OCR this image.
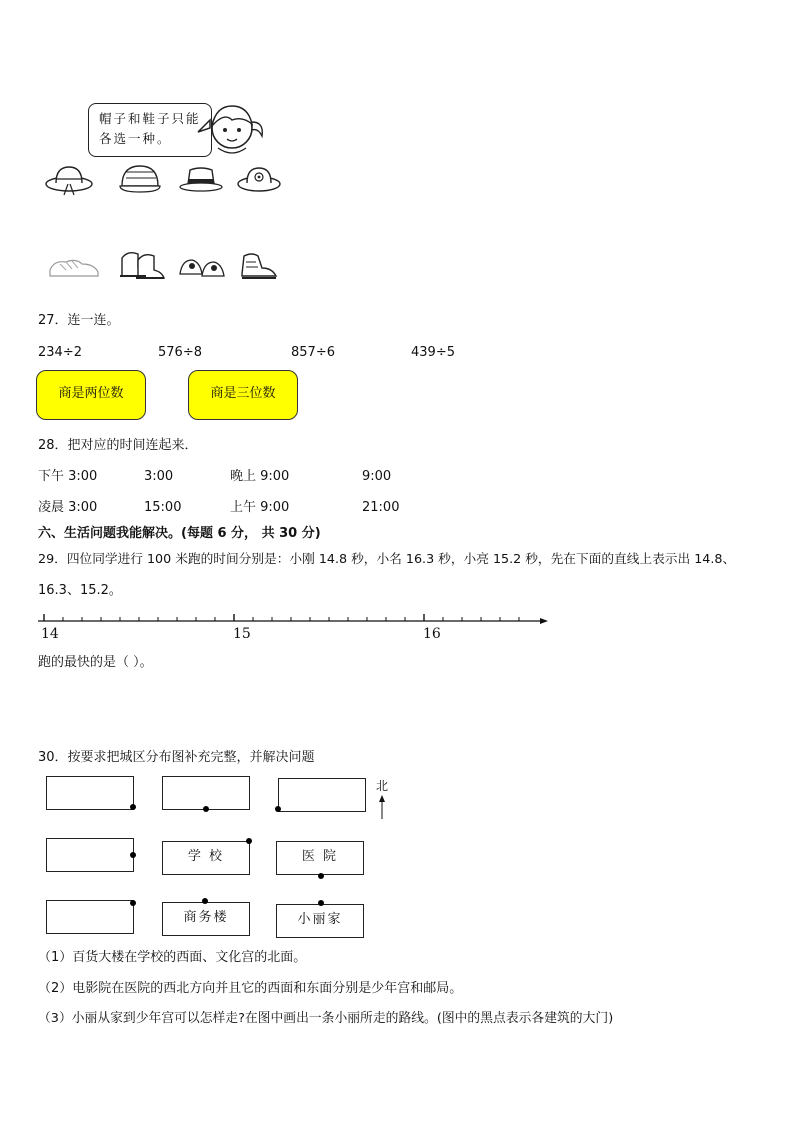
帽子和鞋子只能
各选一种。
27．连一连。
234÷2	576÷8	857÷6	439÷5
商是两位数	商是三位数
28．把对应的时间连起来．
下午 3:00	3:00	晚上 9:00	9:00
凌晨 3:00	15:00	上午 9:00	21:00
六、生活问题我能解决。(每题 6 分， 共 30 分)
29．四位同学进行 100 米跑的时间分别是：小刚 14.8 秒，小名 16.3 秒，小亮 15.2 秒，先在下面的直线上表示出 14.8、
16.3、15.2。
14	15	16
跑的最快的是（ ）。
30．按要求把城区分布图补充完整，并解决问题
北
学 校	医 院
商务楼	小丽家
（1）百货大楼在学校的西面、文化宫的北面。
（2）电影院在医院的西北方向并且它的西面和东面分别是少年宫和邮局。
（3）小丽从家到少年宫可以怎样走?在图中画出一条小丽所走的路线。(图中的黑点表示各建筑的大门)
